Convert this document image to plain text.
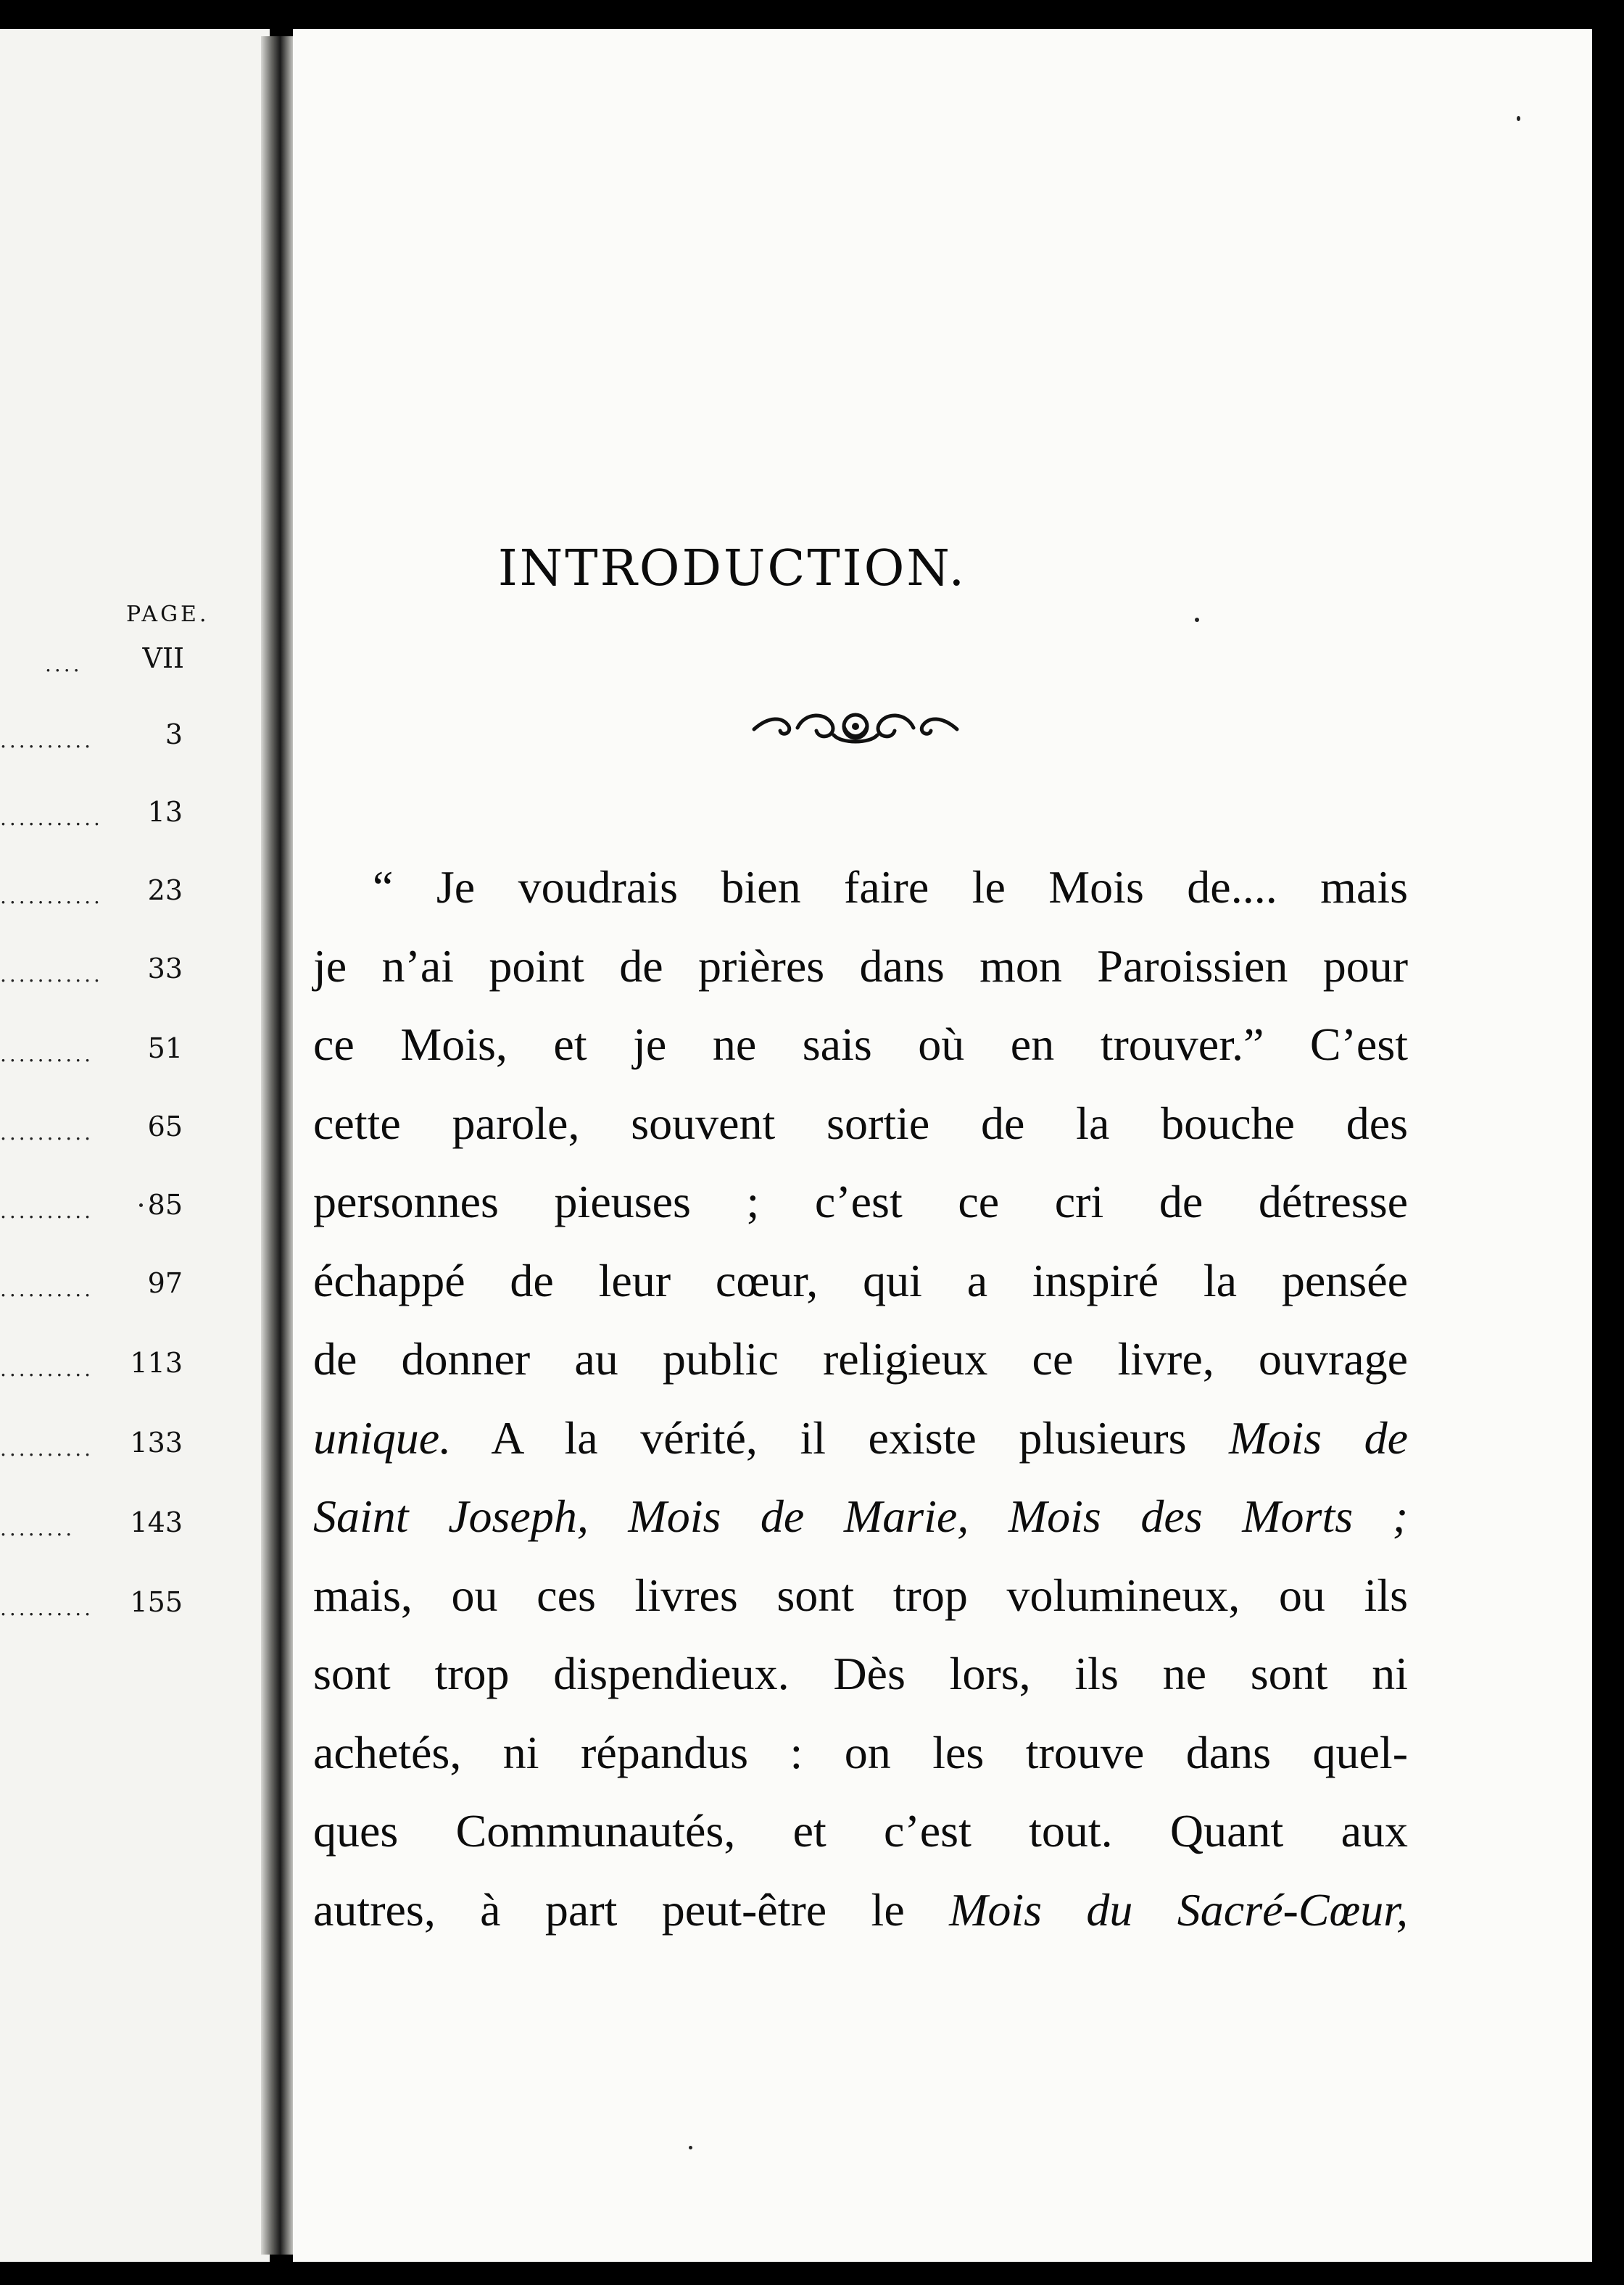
PAGE.
.... VII
..........	3
........... 13
........... 23
........... 33
.......... 51
.......... 65
.......... 85
.......... 97
.......... 113
.......... 133
........ 143
.......... 155
INTRODUCTION.
“ Je voudrais bien faire le Mois de.... mais
je n’ai point de prières dans mon Paroissien pour
ce Mois, et je ne sais où en trouver.” C’est
cette parole, souvent sortie de la bouche des
personnes pieuses ; c’est ce cri de détresse
échappé de leur cœur, qui a inspiré la pensée
de donner au public religieux ce livre, ouvrage
unique. A la vérité, il existe plusieurs Mois de
Saint Joseph, Mois de Marie, Mois des Morts ;
mais, ou ces livres sont trop volumineux, ou ils
sont trop dispendieux. Dès lors, ils ne sont ni
achetés, ni répandus : on les trouve dans quel-
ques Communautés, et c’est tout. Quant aux
autres, à part peut-être le Mois du Sacré-Cœur,
